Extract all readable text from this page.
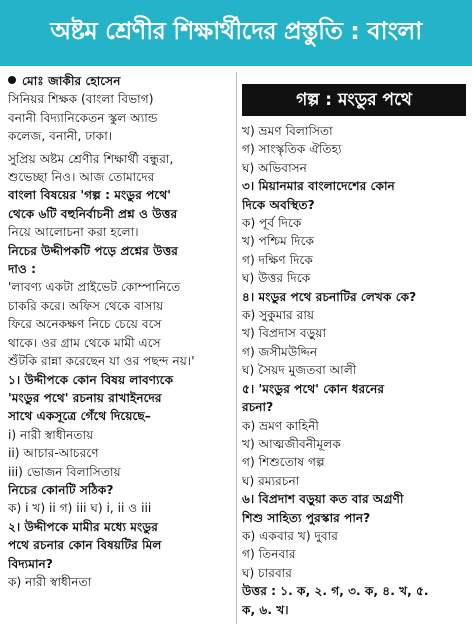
অষ্টম শ্রেণীর শিক্ষার্থীদের প্রস্তুতি : বাংলা
মোঃ জাকীর হোসেন
সিনিয়র শিক্ষক (বাংলা বিভাগ)
বনানী বিদ্যানিকেতন স্কুল অ্যান্ড
কলেজ, বনানী, ঢাকা।
সুপ্রিয় অষ্টম শ্রেণীর শিক্ষার্থী বন্ধুরা,
শুভেচ্ছা নিও। আজ তোমাদের
বাংলা বিষয়ের 'গল্প : মংডুর পথে'
থেকে ৬টি বহুনির্বাচনী প্রশ্ন ও উত্তর
নিয়ে আলোচনা করা হলো।
নিচের উদ্দীপকটি পড়ে প্রশ্নের উত্তর
দাও :
'লাবণ্য একটা প্রাইভেট কোম্পানিতে
চাকরি করে। অফিস থেকে বাসায়
ফিরে অনেকক্ষণ নিচে চেয়ে বসে
থাকে। ওর গ্রাম থেকে মামী এসে
শুঁটকি রান্না করেছেন যা ওর পছন্দ নয়।'
১। উদ্দীপকে কোন বিষয় লাবণ্যকে
'মংডুর পথে' রচনায় রাখাইনদের
সাথে একসূত্রে গেঁথে দিয়েছে–
i) নারী স্বাধীনতায়
ii) আচার-আচরণে
iii) ভোজন বিলাসিতায়
নিচের কোনটি সঠিক?
ক) i খ) ii গ) iii ঘ) i, ii ও iii
২। উদ্দীপকে মামীর মধ্যে মংডুর
পথে রচনার কোন বিষয়টির মিল
বিদ্যমান?
ক) নারী স্বাধীনতা
গল্প : মংডুর পথে
খ) ভ্রমণ বিলাসিতা
গ) সাংস্কৃতিক ঐতিহ্য
ঘ) অভিবাসন
৩। মিয়ানমার বাংলাদেশের কোন
দিকে অবস্থিত?
ক) পূর্ব দিকে
খ) পশ্চিম দিকে
গ) দক্ষিণ দিকে
ঘ) উত্তর দিকে
৪। মংডুর পথে রচনাটির লেখক কে?
ক) সুকুমার রায়
খ) বিপ্রদাস বড়ুয়া
গ) জসীমউদ্দিন
ঘ) সৈয়দ মুজতবা আলী
৫। 'মংডুর পথে' কোন ধরনের
রচনা?
ক) ভ্রমণ কাহিনী
খ) আত্মজীবনীমূলক
গ) শিশুতোষ গল্প
ঘ) রম্যরচনা
৬। বিপ্রদাশ বড়ুয়া কত বার অগ্রণী
শিশু সাহিত্য পুরস্কার পান?
ক) একবার খ) দুবার
গ) তিনবার
ঘ) চারবার
উত্তর : ১. ক, ২. গ, ৩. ক, ৪. খ, ৫.
ক, ৬. খ।
